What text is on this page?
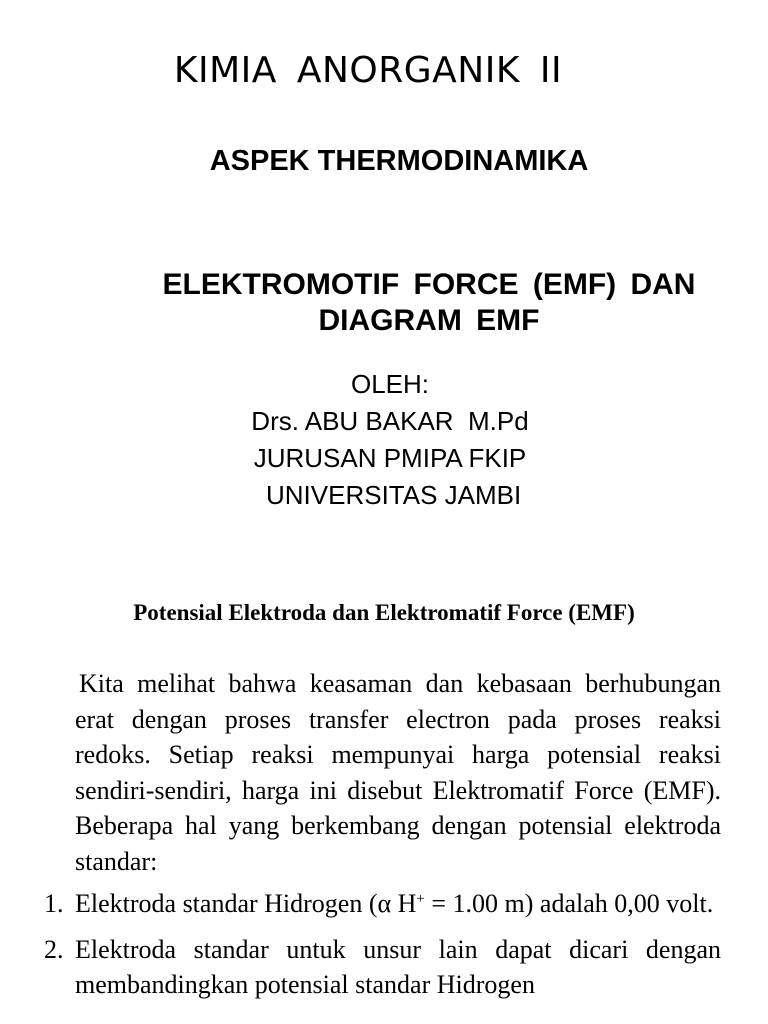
KIMIA ANORGANIK II
ASPEK THERMODINAMIKA
ELEKTROMOTIF FORCE (EMF) DAN
DIAGRAM EMF
OLEH:
Drs. ABU BAKAR  M.Pd
JURUSAN PMIPA FKIP
UNIVERSITAS JAMBI
Potensial Elektroda dan Elektromatif Force (EMF)

Kita melihat bahwa keasaman dan kebasaan berhubungan erat dengan proses transfer electron pada proses reaksi redoks. Setiap reaksi mempunyai harga potensial reaksi sendiri-sendiri, harga ini disebut Elektromatif Force (EMF). Beberapa hal yang berkembang dengan potensial elektroda standar:

1. Elektroda standar Hidrogen (α H+ = 1.00 m) adalah 0,00 volt.
2. Elektroda standar untuk unsur lain dapat dicari dengan membandingkan potensial standar Hidrogen
